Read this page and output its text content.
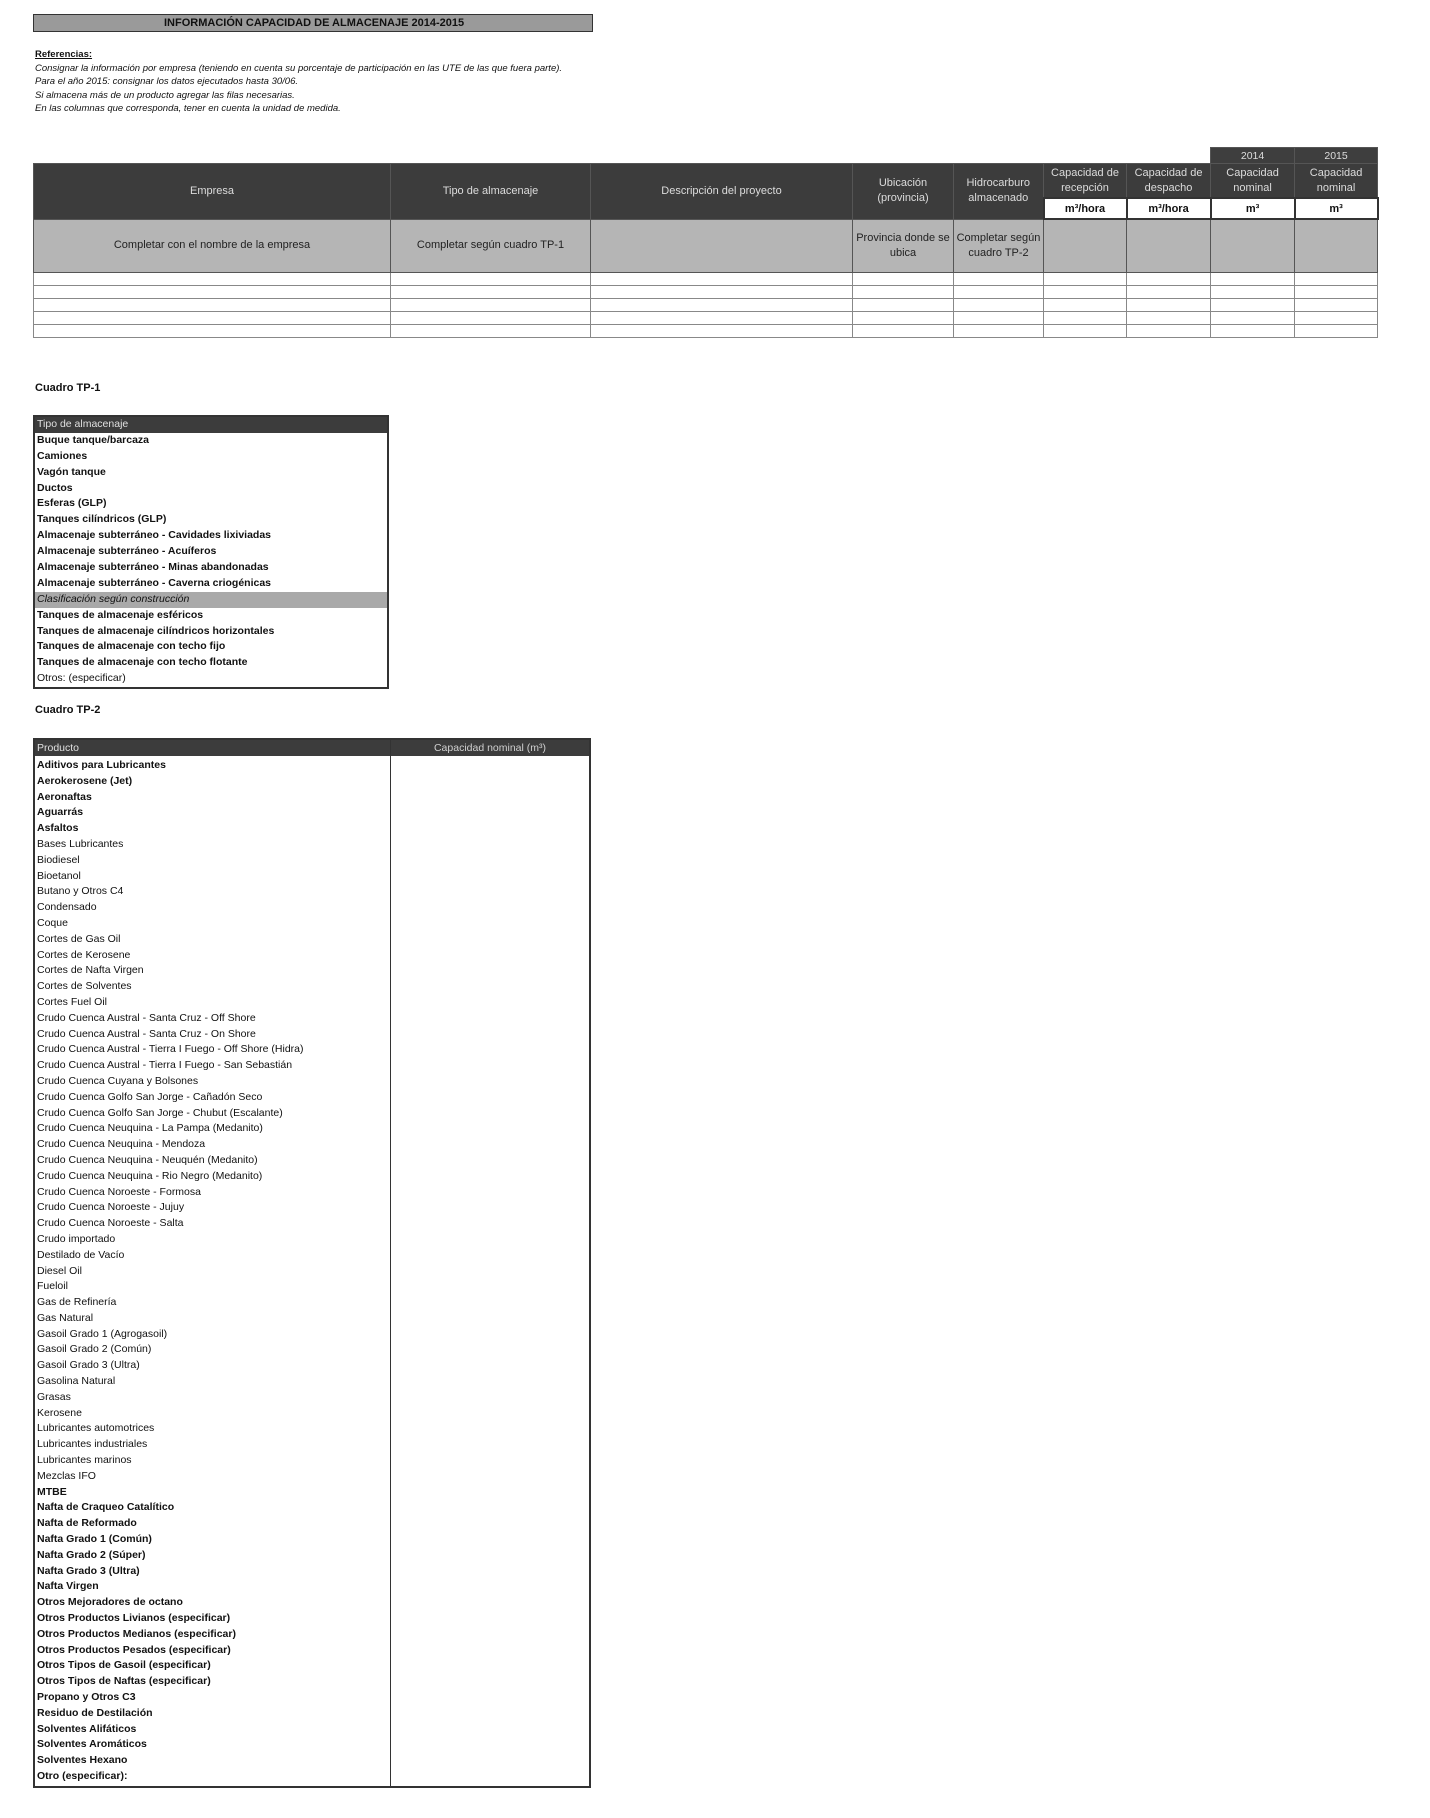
INFORMACIÓN CAPACIDAD DE ALMACENAJE 2014-2015
Referencias:
Consignar la información por empresa (teniendo en cuenta su porcentaje de participación en las UTE de las que fuera parte).
Para el año 2015: consignar los datos ejecutados hasta 30/06.
Si almacena más de un producto agregar las filas necesarias.
En las columnas que corresponda, tener en cuenta la unidad de medida.
							2014	2015
Empresa	Tipo de almacenaje	Descripción del proyecto	Ubicación (provincia)	Hidrocarburo almacenado	Capacidad de recepción	Capacidad de despacho	Capacidad nominal	Capacidad nominal
					m³/hora	m³/hora	m³	m³
Completar con el nombre de la empresa	Completar según cuadro TP-1		Provincia donde se ubica	Completar según cuadro TP-2				

Cuadro TP-1
Tipo de almacenaje
Buque tanque/barcaza
Camiones
Vagón tanque
Ductos
Esferas (GLP)
Tanques cilíndricos (GLP)
Almacenaje subterráneo - Cavidades lixiviadas
Almacenaje subterráneo - Acuíferos
Almacenaje subterráneo - Minas abandonadas
Almacenaje subterráneo - Caverna criogénicas
Clasificación según construcción
Tanques de almacenaje esféricos
Tanques de almacenaje cilíndricos horizontales
Tanques de almacenaje con techo fijo
Tanques de almacenaje con techo flotante
Otros: (especificar)
Cuadro TP-2
Producto	Capacidad nominal (m³)
Aditivos para Lubricantes
Aerokerosene (Jet)
Aeronaftas
Aguarrás
Asfaltos
Bases Lubricantes
Biodiesel
Bioetanol
Butano y Otros C4
Condensado
Coque
Cortes de Gas Oil
Cortes de Kerosene
Cortes de Nafta Virgen
Cortes de Solventes
Cortes Fuel Oil
Crudo Cuenca Austral - Santa Cruz - Off Shore
Crudo Cuenca Austral - Santa Cruz - On Shore
Crudo Cuenca Austral - Tierra I Fuego - Off Shore (Hidra)
Crudo Cuenca Austral - Tierra I Fuego - San Sebastián
Crudo Cuenca Cuyana y Bolsones
Crudo Cuenca Golfo San Jorge - Cañadón Seco
Crudo Cuenca Golfo San Jorge - Chubut (Escalante)
Crudo Cuenca Neuquina - La Pampa (Medanito)
Crudo Cuenca Neuquina - Mendoza
Crudo Cuenca Neuquina - Neuquén (Medanito)
Crudo Cuenca Neuquina - Rio Negro (Medanito)
Crudo Cuenca Noroeste - Formosa
Crudo Cuenca Noroeste - Jujuy
Crudo Cuenca Noroeste - Salta
Crudo importado
Destilado de Vacío
Diesel Oil
Fueloil
Gas de Refinería
Gas Natural
Gasoil Grado 1 (Agrogasoil)
Gasoil Grado 2 (Común)
Gasoil Grado 3 (Ultra)
Gasolina Natural
Grasas
Kerosene
Lubricantes automotrices
Lubricantes industriales
Lubricantes marinos
Mezclas IFO
MTBE
Nafta de Craqueo Catalítico
Nafta de Reformado
Nafta Grado 1 (Común)
Nafta Grado 2 (Súper)
Nafta Grado 3 (Ultra)
Nafta Virgen
Otros Mejoradores de octano
Otros Productos Livianos (especificar)
Otros Productos Medianos (especificar)
Otros Productos Pesados (especificar)
Otros Tipos de Gasoil (especificar)
Otros Tipos de Naftas (especificar)
Propano y Otros C3
Residuo de Destilación
Solventes Alifáticos
Solventes Aromáticos
Solventes Hexano
Otro (especificar):
